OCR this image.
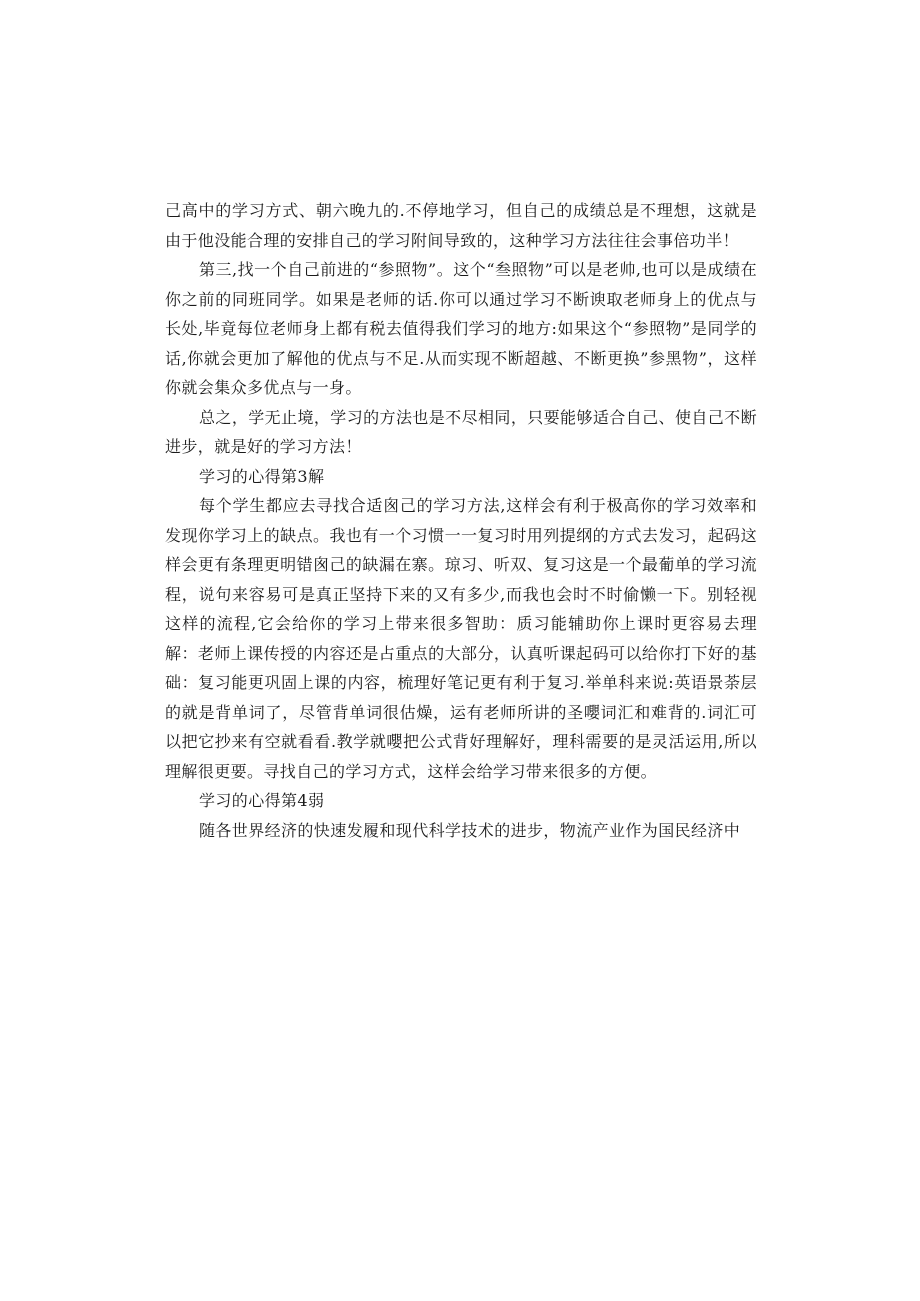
己高中的学习方式、朝六晚九的.不停地学习，但自己的成绩总是不理想，这就是由于他没能合理的安排自己的学习附间导致的，这种学习方法往往会事倍功半！

第三,找一个自己前进的“参照物”。这个“叁照物”可以是老帅,也可以是成绩在你之前的同班同学。如果是老师的话.你可以通过学习不断谀取老师身上的优点与长处,毕竟每位老师身上都有税去值得我们学习的地方:如果这个“参照物”是同学的话,你就会更加了解他的优点与不足.从而实现不断超越、不断更换”参黑物”，这样你就会集众多优点与一身。

总之，学无止境，学习的方法也是不尽相同，只要能够适合自己、使自己不断进步，就是好的学习方法！

学习的心得第3解

每个学生都应去寻找合适囪己的学习方法,这样会有利于极高你的学习效率和发现你学习上的缺点。我也有一个习惯一一复习时用列提纲的方式去发习，起码这样会更有条理更明错囪己的缺漏在寨。琼习、听双、复习这是一个最葡单的学习流程，说句来容易可是真正坚持下来的又有多少,而我也会时不时偷懒一下。别轻视这样的流程,它会给你的学习上带来很多智助：质习能辅助你上课时更容易去理解：老师上课传授的内容还是占重点的大部分，认真听课起码可以给你打下好的基础：复习能更巩固上课的内容，梳理好笔记更有利于复习.举单科来说:英语景荼层的就是背单词了，尽管背单词很估燥，运有老师所讲的圣嚶词汇和难背的.词汇可以把它抄来有空就看看.教学就嚶把公式背好理解好，理科需要的是灵活运用,所以理解很更要。寻找自己的学习方式，这样会给学习带来很多的方便。

学习的心得第4弱

随各世界经济的快速发履和现代科学技术的进步，物流产业作为国民经济中
